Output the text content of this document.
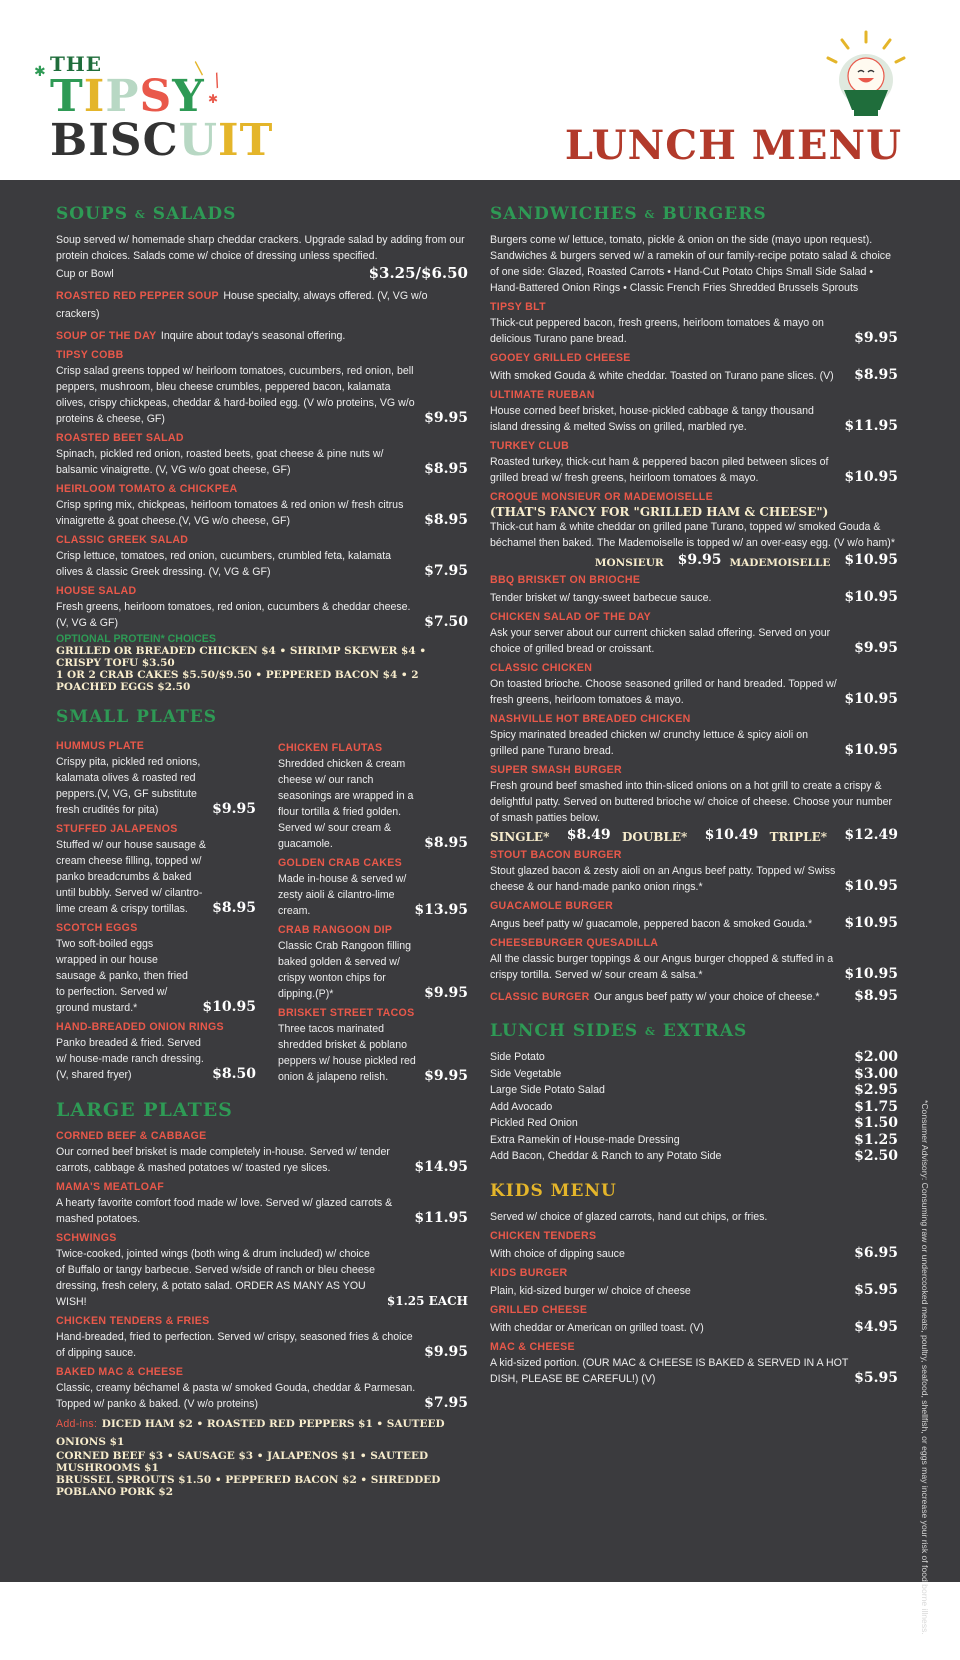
THE
TIPSY
BISCUIT
✱
✱
/
/
LUNCH MENU
SOUPS & SALADS
Soup served w/ homemade sharp cheddar crackers. Upgrade salad by adding from our protein choices. Salads come w/ choice of dressing unless specified.
Cup or Bowl	$3.25/$6.50
ROASTED RED PEPPER SOUP House specialty, always offered. (V, VG w/o crackers)
SOUP OF THE DAY Inquire about today's seasonal offering.
TIPSY COBB
Crisp salad greens topped w/ heirloom tomatoes, cucumbers, red onion, bell peppers, mushroom, bleu cheese crumbles, peppered bacon, kalamata olives, crispy chickpeas, cheddar & hard-boiled egg. (V w/o proteins, VG w/o proteins & cheese, GF)	$9.95
ROASTED BEET SALAD
Spinach, pickled red onion, roasted beets, goat cheese & pine nuts w/ balsamic vinaigrette. (V, VG w/o goat cheese, GF)	$8.95
HEIRLOOM TOMATO & CHICKPEA
Crisp spring mix, chickpeas, heirloom tomatoes & red onion w/ fresh citrus vinaigrette & goat cheese.(V, VG w/o cheese, GF)	$8.95
CLASSIC GREEK SALAD
Crisp lettuce, tomatoes, red onion, cucumbers, crumbled feta, kalamata olives & classic Greek dressing. (V, VG & GF)	$7.95
HOUSE SALAD
Fresh greens, heirloom tomatoes, red onion, cucumbers & cheddar cheese. (V, VG & GF)	$7.50
OPTIONAL PROTEIN* CHOICES
GRILLED OR BREADED CHICKEN $4 • SHRIMP SKEWER $4 • CRISPY TOFU $3.50
1 OR 2 CRAB CAKES $5.50/$9.50 • PEPPERED BACON $4 • 2 POACHED EGGS $2.50
SMALL PLATES
HUMMUS PLATE
Crispy pita, pickled red onions, kalamata olives & roasted red peppers.(V, VG, GF substitute fresh crudités for pita)	$9.95
STUFFED JALAPENOS
Stuffed w/ our house sausage & cream cheese filling, topped w/ panko breadcrumbs & baked until bubbly. Served w/ cilantro-lime cream & crispy tortillas.	$8.95
SCOTCH EGGS
Two soft-boiled eggs wrapped in our house sausage & panko, then fried to perfection. Served w/ ground mustard.*	$10.95
HAND-BREADED ONION RINGS
Panko breaded & fried. Served w/ house-made ranch dressing. (V, shared fryer)	$8.50
CHICKEN FLAUTAS
Shredded chicken & cream cheese w/ our ranch seasonings are wrapped in a flour tortilla & fried golden. Served w/ sour cream & guacamole.	$8.95
GOLDEN CRAB CAKES
Made in-house & served w/ zesty aioli & cilantro-lime cream.	$13.95
CRAB RANGOON DIP
Classic Crab Rangoon filling baked golden & served w/ crispy wonton chips for dipping.(P)*	$9.95
BRISKET STREET TACOS
Three tacos marinated shredded brisket & poblano peppers w/ house pickled red onion & jalapeno relish.	$9.95
LARGE PLATES
CORNED BEEF & CABBAGE
Our corned beef brisket is made completely in-house. Served w/ tender carrots, cabbage & mashed potatoes w/ toasted rye slices.	$14.95
MAMA'S MEATLOAF
A hearty favorite comfort food made w/ love. Served w/ glazed carrots & mashed potatoes.	$11.95
SCHWINGS
Twice-cooked, jointed wings (both wing & drum included) w/ choice of Buffalo or tangy barbecue. Served w/side of ranch or bleu cheese dressing, fresh celery, & potato salad. ORDER AS MANY AS YOU WISH!	$1.25 EACH
CHICKEN TENDERS & FRIES
Hand-breaded, fried to perfection. Served w/ crispy, seasoned fries & choice of dipping sauce.	$9.95
BAKED MAC & CHEESE
Classic, creamy béchamel & pasta w/ smoked Gouda, cheddar & Parmesan. Topped w/ panko & baked. (V w/o proteins)	$7.95
Add-ins: DICED HAM $2 • ROASTED RED PEPPERS $1 • SAUTEED ONIONS $1
CORNED BEEF $3 • SAUSAGE $3 • JALAPENOS $1 • SAUTEED MUSHROOMS $1
BRUSSEL SPROUTS $1.50 • PEPPERED BACON $2 • SHREDDED POBLANO PORK $2
SANDWICHES & BURGERS
Burgers come w/ lettuce, tomato, pickle & onion on the side (mayo upon request). Sandwiches & burgers served w/ a ramekin of our family-recipe potato salad & choice of one side: Glazed, Roasted Carrots • Hand-Cut Potato Chips Small Side Salad • Hand-Battered Onion Rings • Classic French Fries Shredded Brussels Sprouts
TIPSY BLT
Thick-cut peppered bacon, fresh greens, heirloom tomatoes & mayo on delicious Turano pane bread.	$9.95
GOOEY GRILLED CHEESE
With smoked Gouda & white cheddar. Toasted on Turano pane slices. (V)	$8.95
ULTIMATE RUEBAN
House corned beef brisket, house-pickled cabbage & tangy thousand island dressing & melted Swiss on grilled, marbled rye.	$11.95
TURKEY CLUB
Roasted turkey, thick-cut ham & peppered bacon piled between slices of grilled bread w/ fresh greens, heirloom tomatoes & mayo.	$10.95
CROQUE MONSIEUR OR MADEMOISELLE
(THAT'S FANCY FOR "GRILLED HAM & CHEESE")
Thick-cut ham & white cheddar on grilled pane Turano, topped w/ smoked Gouda & béchamel then baked. The Mademoiselle is topped w/ an over-easy egg. (V w/o ham)*
MONSIEUR $9.95 MADEMOISELLE $10.95
BBQ BRISKET ON BRIOCHE
Tender brisket w/ tangy-sweet barbecue sauce.	$10.95
CHICKEN SALAD OF THE DAY
Ask your server about our current chicken salad offering. Served on your choice of grilled bread or croissant.	$9.95
CLASSIC CHICKEN
On toasted brioche. Choose seasoned grilled or hand breaded. Topped w/ fresh greens, heirloom tomatoes & mayo.	$10.95
NASHVILLE HOT BREADED CHICKEN
Spicy marinated breaded chicken w/ crunchy lettuce & spicy aioli on grilled pane Turano bread.	$10.95
SUPER SMASH BURGER
Fresh ground beef smashed into thin-sliced onions on a hot grill to create a crispy & delightful patty. Served on buttered brioche w/ choice of cheese. Choose your number of smash patties below.
SINGLE* $8.49 DOUBLE* $10.49 TRIPLE* $12.49
STOUT BACON BURGER
Stout glazed bacon & zesty aioli on an Angus beef patty. Topped w/ Swiss cheese & our hand-made panko onion rings.*	$10.95
GUACAMOLE BURGER
Angus beef patty w/ guacamole, peppered bacon & smoked Gouda.*	$10.95
CHEESEBURGER QUESADILLA
All the classic burger toppings & our Angus burger chopped & stuffed in a crispy tortilla. Served w/ sour cream & salsa.*	$10.95
CLASSIC BURGER Our angus beef patty w/ your choice of cheese.*	$8.95
LUNCH SIDES & EXTRAS
Side Potato	$2.00
Side Vegetable	$3.00
Large Side Potato Salad	$2.95
Add Avocado	$1.75
Pickled Red Onion	$1.50
Extra Ramekin of House-made Dressing	$1.25
Add Bacon, Cheddar & Ranch to any Potato Side	$2.50
KIDS MENU
Served w/ choice of glazed carrots, hand cut chips, or fries.
CHICKEN TENDERS
With choice of dipping sauce	$6.95
KIDS BURGER
Plain, kid-sized burger w/ choice of cheese	$5.95
GRILLED CHEESE
With cheddar or American on grilled toast. (V)	$4.95
MAC & CHEESE
A kid-sized portion. (OUR MAC & CHEESE IS BAKED & SERVED IN A HOT DISH, PLEASE BE CAREFUL!) (V)	$5.95	*Consumer Advisory: Consuming raw or undercooked meats, poultry, seafood, shellfish, or eggs may increase your risk of food borne illness.
